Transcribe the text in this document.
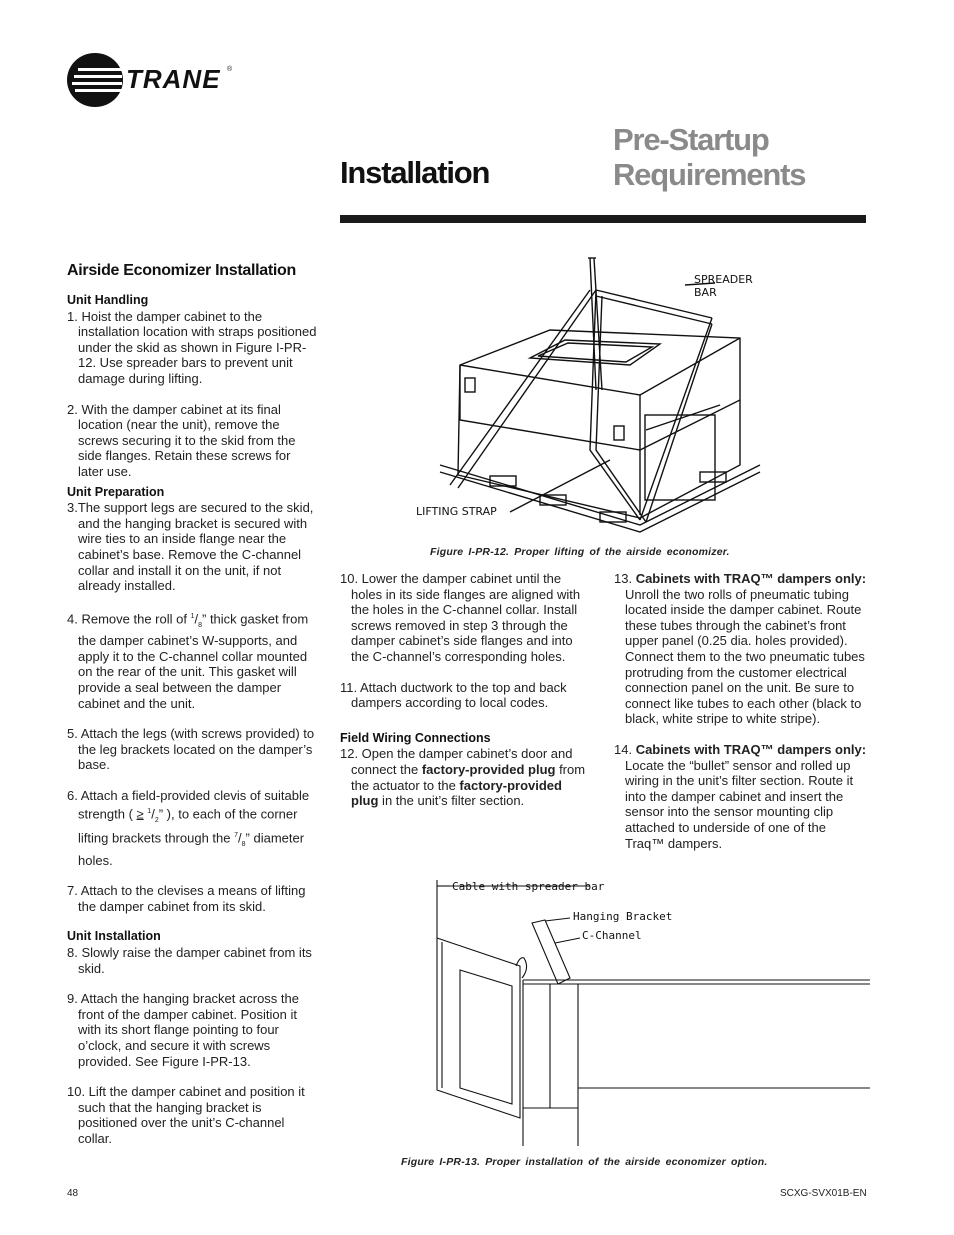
TRANE ®
Installation
Pre-Startup
Requirements
Airside Economizer Installation
Unit Handling

1. Hoist the damper cabinet to the installation location with straps positioned under the skid as shown in Figure I-PR-12. Use spreader bars to prevent unit damage during lifting.

2. With the damper cabinet at its final location (near the unit), remove the screws securing it to the skid from the side flanges. Retain these screws for later use.

Unit Preparation

3.The support legs are secured to the skid, and the hanging bracket is secured with wire ties to an inside flange near the cabinet’s base. Remove the C-channel collar and install it on the unit, if not already installed.

4. Remove the roll of $^1/_8$” thick gasket from the damper cabinet’s W-supports, and apply it to the C-channel collar mounted on the rear of the unit. This gasket will provide a seal between the damper cabinet and the unit.

5. Attach the legs (with screws provided) to the leg brackets located on the damper’s base.

6. Attach a field-provided clevis of suitable strength ( ≥ $^1/_2$” ), to each of the corner lifting brackets through the $^7/_8$” diameter holes.

7. Attach to the clevises a means of lifting the damper cabinet from its skid.

Unit Installation

8. Slowly raise the damper cabinet from its skid.

9. Attach the hanging bracket across the front of the damper cabinet. Position it with its short flange pointing to four o’clock, and secure it with screws provided. See Figure I-PR-13.

10. Lift the damper cabinet and position it such that the hanging bracket is positioned over the unit’s C-channel collar.

SPREADER
BAR
LIFTING STRAP
Figure I-PR-12. Proper lifting of the airside economizer.

10. Lower the damper cabinet until the holes in its side flanges are aligned with the holes in the C-channel collar. Install screws removed in step 3 through the damper cabinet’s side flanges and into the C-channel’s corresponding holes.

11. Attach ductwork to the top and back dampers according to local codes.

Field Wiring Connections

12. Open the damper cabinet’s door and connect the factory-provided plug from the actuator to the factory-provided plug in the unit’s filter section.

13. Cabinets with TRAQ™ dampers only: Unroll the two rolls of pneumatic tubing located inside the damper cabinet. Route these tubes through the cabinet’s front upper panel (0.25 dia. holes provided). Connect them to the two pneumatic tubes protruding from the customer electrical connection panel on the unit. Be sure to connect like tubes to each other (black to black, white stripe to white stripe).

14. Cabinets with TRAQ™ dampers only: Locate the “bullet” sensor and rolled up wiring in the unit’s filter section. Route it into the damper cabinet and insert the sensor into the sensor mounting clip attached to underside of one of the Traq™ dampers.

Cable with spreader bar
Hanging Bracket
C-Channel
Figure I-PR-13. Proper installation of the airside economizer option.
48	SCXG-SVX01B-EN
